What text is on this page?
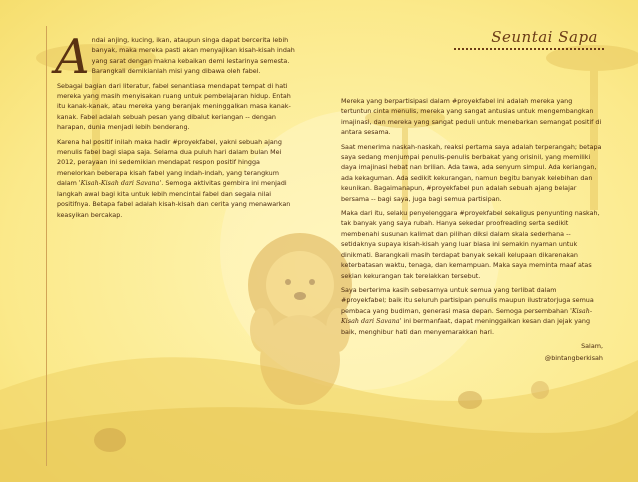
Seuntai Sapa

Andai anjing, kucing, ikan, ataupun singa dapat bercerita lebih banyak, maka mereka pasti akan menyajikan kisah-kisah indah yang sarat dengan makna kebaikan demi lestarinya semesta. Barangkali demikianlah misi yang dibawa oleh fabel.

Sebagai bagian dari literatur, fabel senantiasa mendapat tempat di hati mereka yang masih menyisakan ruang untuk pembelajaran hidup. Entah itu kanak-kanak, atau mereka yang beranjak meninggalkan masa kanak-kanak. Fabel adalah sebuah pesan yang dibalut keriangan -- dengan harapan, dunia menjadi lebih benderang.

Karena hal positif inilah maka hadir #proyekfabel, yakni sebuah ajang menulis fabel bagi siapa saja. Selama dua puluh hari dalam bulan Mei 2012, perayaan ini sedemikian mendapat respon positif hingga menelorkan beberapa kisah fabel yang indah-indah, yang terangkum dalam 'Kisah-Kisah dari Savana'. Semoga aktivitas gembira ini menjadi langkah awal bagi kita untuk lebih mencintai fabel dan segala nilai positifnya. Betapa fabel adalah kisah-kisah dan cerita yang menawarkan keasyikan bercakap.

Mereka yang berpartisipasi dalam #proyekfabel ini adalah mereka yang tertuntun cinta menulis, mereka yang sangat antusias untuk mengembangkan imajinasi, dan mereka yang sangat peduli untuk menebarkan semangat positif di antara sesama.

Saat menerima naskah-naskah, reaksi pertama saya adalah terperangah; betapa saya sedang menjumpai penulis-penulis berbakat yang orisinil, yang memiliki daya imajinasi hebat nan brilian. Ada tawa, ada senyum simpul. Ada keriangan, ada kekaguman. Ada sedikit kekurangan, namun begitu banyak kelebihan dan keunikan. Bagaimanapun, #proyekfabel pun adalah sebuah ajang belajar bersama -- bagi saya, juga bagi semua partisipan.

Maka dari itu, selaku penyelenggara #proyekfabel sekaligus penyunting naskah, tak banyak yang saya rubah. Hanya sekedar proofreading serta sedikit membenahi susunan kalimat dan pilihan diksi dalam skala sederhana -- setidaknya supaya kisah-kisah yang luar biasa ini semakin nyaman untuk dinikmati. Barangkali masih terdapat banyak sekali kelupaan dikarenakan keterbatasan waktu, tenaga, dan kemampuan. Maka saya meminta maaf atas sekian kekurangan tak terelakkan tersebut.

Saya berterima kasih sebesarnya untuk semua yang terlibat dalam #proyekfabel; baik itu seluruh partisipan penulis maupun ilustratorjuga semua pembaca yang budiman, generasi masa depan. Semoga persembahan 'Kisah-Kisah dari Savana' ini bermanfaat, dapat meninggalkan kesan dan jejak yang baik, menghibur hati dan menyemarakkan hari.

Salam,
@bintangberkisah
